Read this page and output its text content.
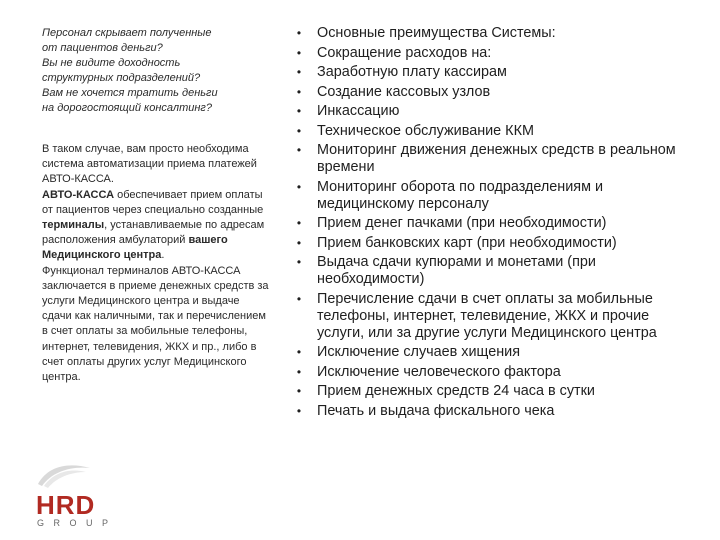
Персонал скрывает полученные
от пациентов деньги?
Вы не видите доходность
структурных подразделений?
Вам не хочется тратить деньги
на дорогостоящий консалтинг?

В таком случае, вам просто необходима система автоматизации приема платежей АВТО-КАССА.

АВТО-КАССА обеспечивает прием оплаты от пациентов через специально созданные терминалы, устанавливаемые по адресам расположения амбулаторий вашего Медицинского центра.

Функционал терминалов АВТО-КАССА заключается в приеме денежных средств за услуги Медицинского центра и выдаче сдачи как наличными, так и перечислением в счет оплаты за мобильные телефоны, интернет, телевидения, ЖКХ и пр., либо в счет оплаты других услуг Медицинского центра.

• Основные преимущества Системы:
• Сокращение расходов на:
• Заработную плату кассирам
• Создание кассовых узлов
• Инкассацию
• Техническое обслуживание ККМ
• Мониторинг движения денежных средств в реальном времени
• Мониторинг оборота по подразделениям и медицинскому персоналу
• Прием денег пачками (при необходимости)
• Прием банковских карт (при необходимости)
• Выдача сдачи купюрами и монетами (при необходимости)
• Перечисление сдачи в счет оплаты за мобильные телефоны, интернет, телевидение, ЖКХ и прочие услуги, или за другие услуги Медицинского центра
• Исключение случаев хищения
• Исключение человеческого фактора
• Прием денежных средств 24 часа в сутки
• Печать и выдача фискального чека
HRD
GROUP
